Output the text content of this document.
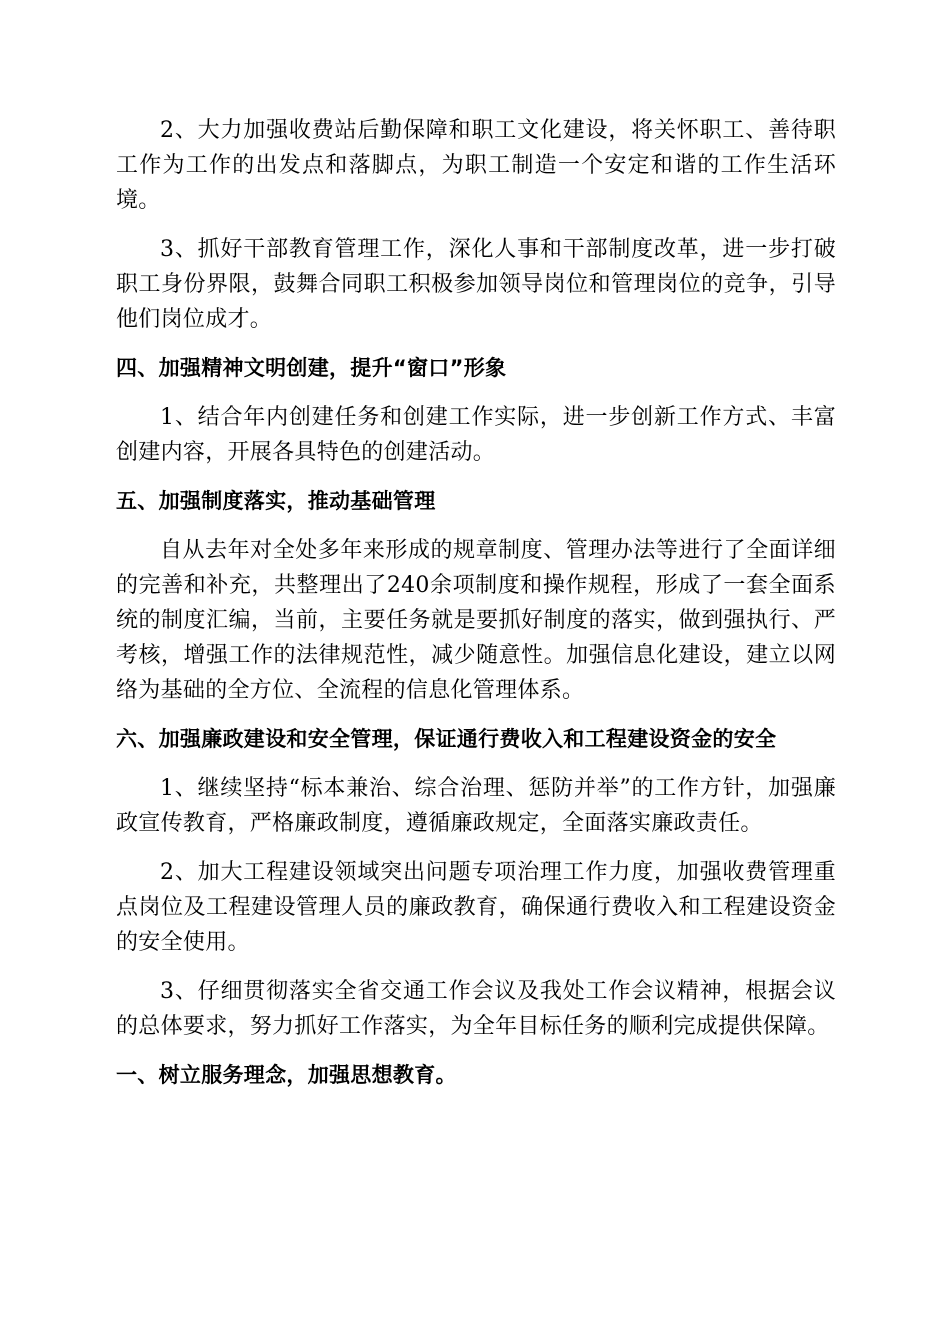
2、大力加强收费站后勤保障和职工文化建设，将关怀职工、善待职工作为工作的出发点和落脚点，为职工制造一个安定和谐的工作生活环境。

3、抓好干部教育管理工作，深化人事和干部制度改革，进一步打破职工身份界限，鼓舞合同职工积极参加领导岗位和管理岗位的竞争，引导他们岗位成才。

四、加强精神文明创建，提升“窗口”形象

1、结合年内创建任务和创建工作实际，进一步创新工作方式、丰富创建内容，开展各具特色的创建活动。

五、加强制度落实，推动基础管理

自从去年对全处多年来形成的规章制度、管理办法等进行了全面详细的完善和补充，共整理出了240余项制度和操作规程，形成了一套全面系统的制度汇编，当前，主要任务就是要抓好制度的落实，做到强执行、严考核，增强工作的法律规范性，减少随意性。加强信息化建设，建立以网络为基础的全方位、全流程的信息化管理体系。

六、加强廉政建设和安全管理，保证通行费收入和工程建设资金的安全

1、继续坚持“标本兼治、综合治理、惩防并举”的工作方针，加强廉政宣传教育，严格廉政制度，遵循廉政规定，全面落实廉政责任。

2、加大工程建设领域突出问题专项治理工作力度，加强收费管理重点岗位及工程建设管理人员的廉政教育，确保通行费收入和工程建设资金的安全使用。

3、仔细贯彻落实全省交通工作会议及我处工作会议精神，根据会议的总体要求，努力抓好工作落实，为全年目标任务的顺利完成提供保障。

一、树立服务理念，加强思想教育。
